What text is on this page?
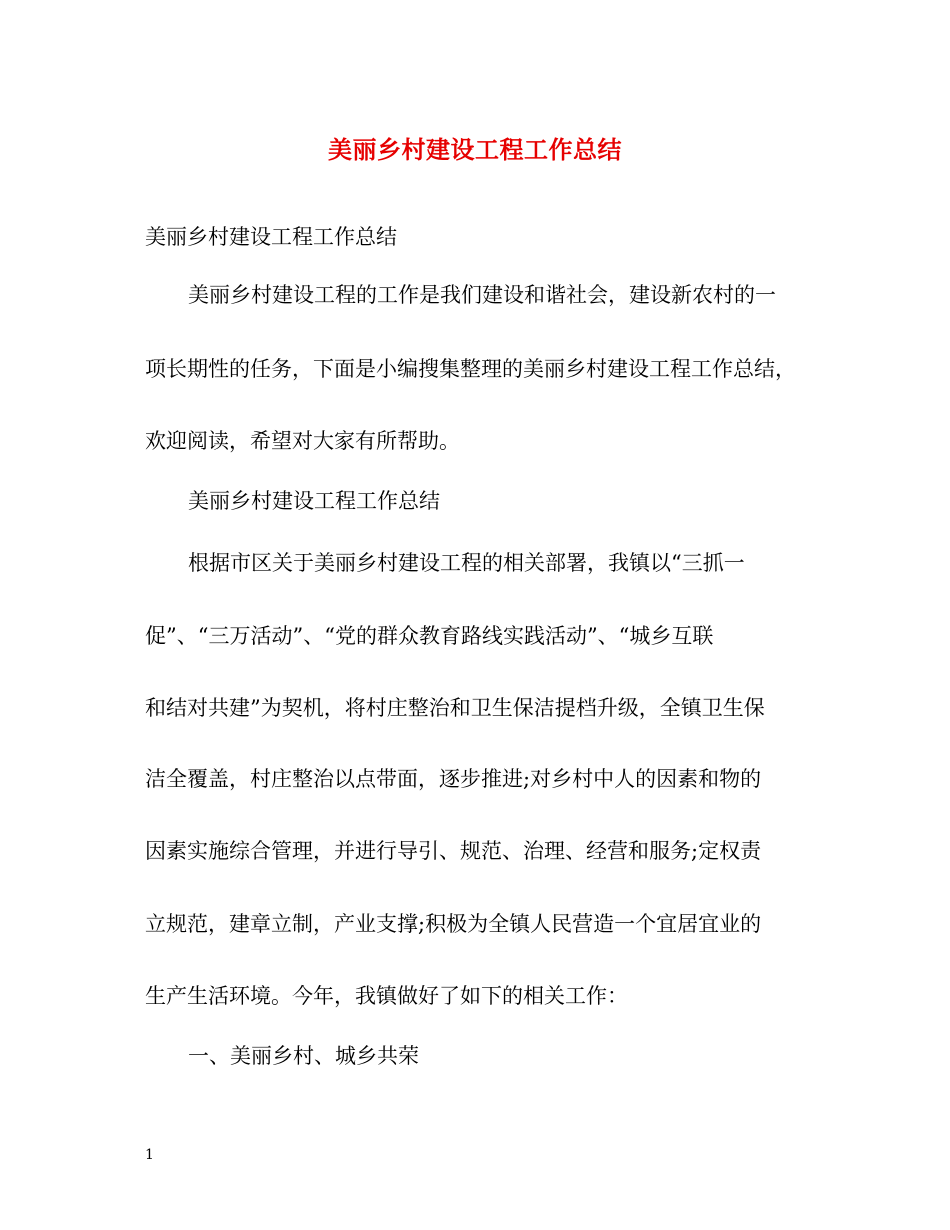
美丽乡村建设工程工作总结
美丽乡村建设工程工作总结
美丽乡村建设工程的工作是我们建设和谐社会，建设新农村的一
项长期性的任务，下面是小编搜集整理的美丽乡村建设工程工作总结，
欢迎阅读，希望对大家有所帮助。
美丽乡村建设工程工作总结
根据市区关于美丽乡村建设工程的相关部署，我镇以“三抓一
促”、“三万活动”、“党的群众教育路线实践活动”、“城乡互联
和结对共建”为契机，将村庄整治和卫生保洁提档升级，全镇卫生保
洁全覆盖，村庄整治以点带面，逐步推进;对乡村中人的因素和物的
因素实施综合管理，并进行导引、规范、治理、经营和服务;定权责
立规范，建章立制，产业支撑;积极为全镇人民营造一个宜居宜业的
生产生活环境。今年，我镇做好了如下的相关工作：
一、美丽乡村、城乡共荣
1
